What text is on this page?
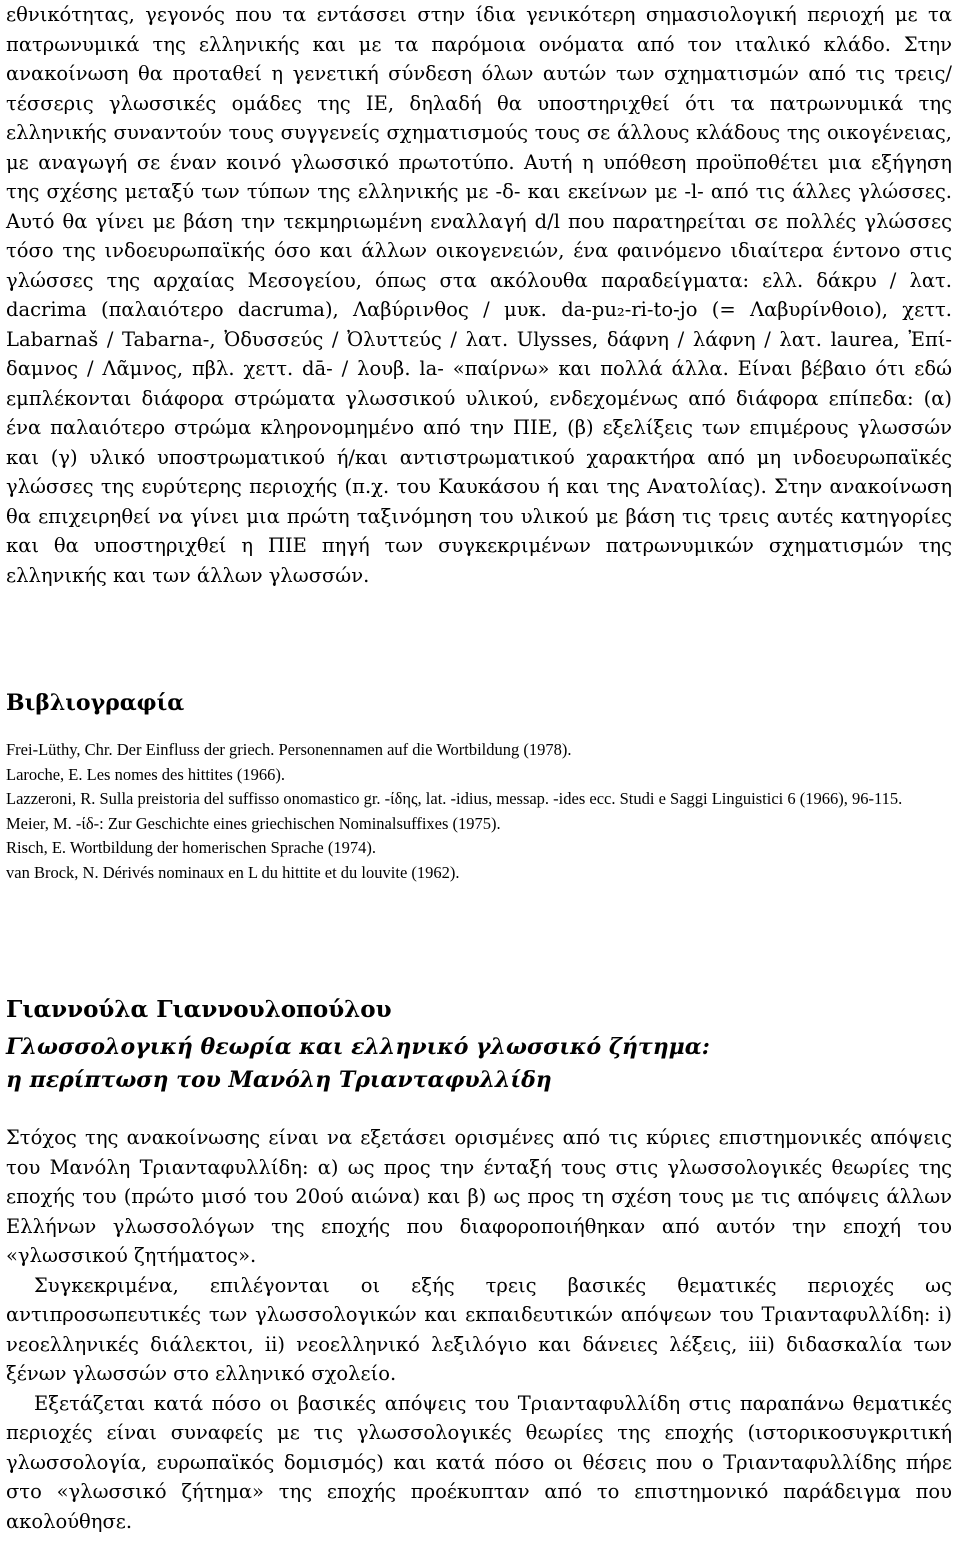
εθνικότητας, γεγονός που τα εντάσσει στην ίδια γενικότερη σημασιολογική περιοχή με τα πατρωνυμικά της ελληνικής και με τα παρόμοια ονόματα από τον ιταλικό κλάδο. Στην ανακοίνωση θα προταθεί η γενετική σύνδεση όλων αυτών των σχηματισμών από τις τρεις/τέσσερις γλωσσικές ομάδες της ΙΕ, δηλαδή θα υποστηριχθεί ότι τα πατρωνυμικά της ελληνικής συναντούν τους συγγενείς σχηματισμούς τους σε άλλους κλάδους της οικογένειας, με αναγωγή σε έναν κοινό γλωσσικό πρωτοτύπο. Αυτή η υπόθεση προϋποθέτει μια εξήγηση της σχέσης μεταξύ των τύπων της ελληνικής με -δ- και εκείνων με -l- από τις άλλες γλώσσες. Αυτό θα γίνει με βάση την τεκμηριωμένη εναλλαγή d/l που παρατηρείται σε πολλές γλώσσες τόσο της ινδοευρωπαϊκής όσο και άλλων οικογενειών, ένα φαινόμενο ιδιαίτερα έντονο στις γλώσσες της αρχαίας Μεσογείου, όπως στα ακόλουθα παραδείγματα: ελλ. δάκρυ / λατ. dacrima (παλαιότερο dacruma), Λαβύρινθος / μυκ. da-pu₂-ri-to-jo (= Λαβυρίνθοιο), χεττ. Labarnaš / Tabarna-, Ὀδυσσεύς / Ὀλυττεύς / λατ. Ulysses, δάφνη / λάφνη / λατ. laurea, Ἐπί-δαμνος / Λᾶμνος, πβλ. χεττ. dā- / λουβ. la- «παίρνω» και πολλά άλλα. Είναι βέβαιο ότι εδώ εμπλέκονται διάφορα στρώματα γλωσσικού υλικού, ενδεχομένως από διάφορα επίπεδα: (α) ένα παλαιότερο στρώμα κληρονομημένο από την ΠΙΕ, (β) εξελίξεις των επιμέρους γλωσσών και (γ) υλικό υποστρωματικού ή/και αντιστρωματικού χαρακτήρα από μη ινδοευρωπαϊκές γλώσσες της ευρύτερης περιοχής (π.χ. του Καυκάσου ή και της Ανατολίας). Στην ανακοίνωση θα επιχειρηθεί να γίνει μια πρώτη ταξινόμηση του υλικού με βάση τις τρεις αυτές κατηγορίες και θα υποστηριχθεί η ΠΙΕ πηγή των συγκεκριμένων πατρωνυμικών σχηματισμών της ελληνικής και των άλλων γλωσσών.

Βιβλιογραφία
Frei-Lüthy, Chr. Der Einfluss der griech. Personennamen auf die Wortbildung (1978).
Laroche, E. Les nomes des hittites (1966).
Lazzeroni, R. Sulla preistoria del suffisso onomastico gr. -ίδης, lat. -idius, messap. -ides ecc. Studi e Saggi Linguistici 6 (1966), 96-115.
Meier, M. -ίδ-: Zur Geschichte eines griechischen Nominalsuffixes (1975).
Risch, E. Wortbildung der homerischen Sprache (1974).
van Brock, N. Dérivés nominaux en L du hittite et du louvite (1962).
Γιαννούλα Γιαννουλοπούλου
Γλωσσολογική θεωρία και ελληνικό γλωσσικό ζήτημα:
η περίπτωση του Μανόλη Τριανταφυλλίδη

Στόχος της ανακοίνωσης είναι να εξετάσει ορισμένες από τις κύριες επιστημονικές απόψεις του Μανόλη Τριανταφυλλίδη: α) ως προς την ένταξή τους στις γλωσσολογικές θεωρίες της εποχής του (πρώτο μισό του 20ού αιώνα) και β) ως προς τη σχέση τους με τις απόψεις άλλων Ελλήνων γλωσσολόγων της εποχής που διαφοροποιήθηκαν από αυτόν την εποχή του «γλωσσικού ζητήματος».

Συγκεκριμένα, επιλέγονται οι εξής τρεις βασικές θεματικές περιοχές ως αντιπροσωπευτικές των γλωσσολογικών και εκπαιδευτικών απόψεων του Τριανταφυλλίδη: i) νεοελληνικές διάλεκτοι, ii) νεοελληνικό λεξιλόγιο και δάνειες λέξεις, iii) διδασκαλία των ξένων γλωσσών στο ελληνικό σχολείο.

Εξετάζεται κατά πόσο οι βασικές απόψεις του Τριανταφυλλίδη στις παραπάνω θεματικές περιοχές είναι συναφείς με τις γλωσσολογικές θεωρίες της εποχής (ιστορικοσυγκριτική γλωσσολογία, ευρωπαϊκός δομισμός) και κατά πόσο οι θέσεις που ο Τριανταφυλλίδης πήρε στο «γλωσσικό ζήτημα» της εποχής προέκυπταν από το επιστημονικό παράδειγμα που ακολούθησε.
